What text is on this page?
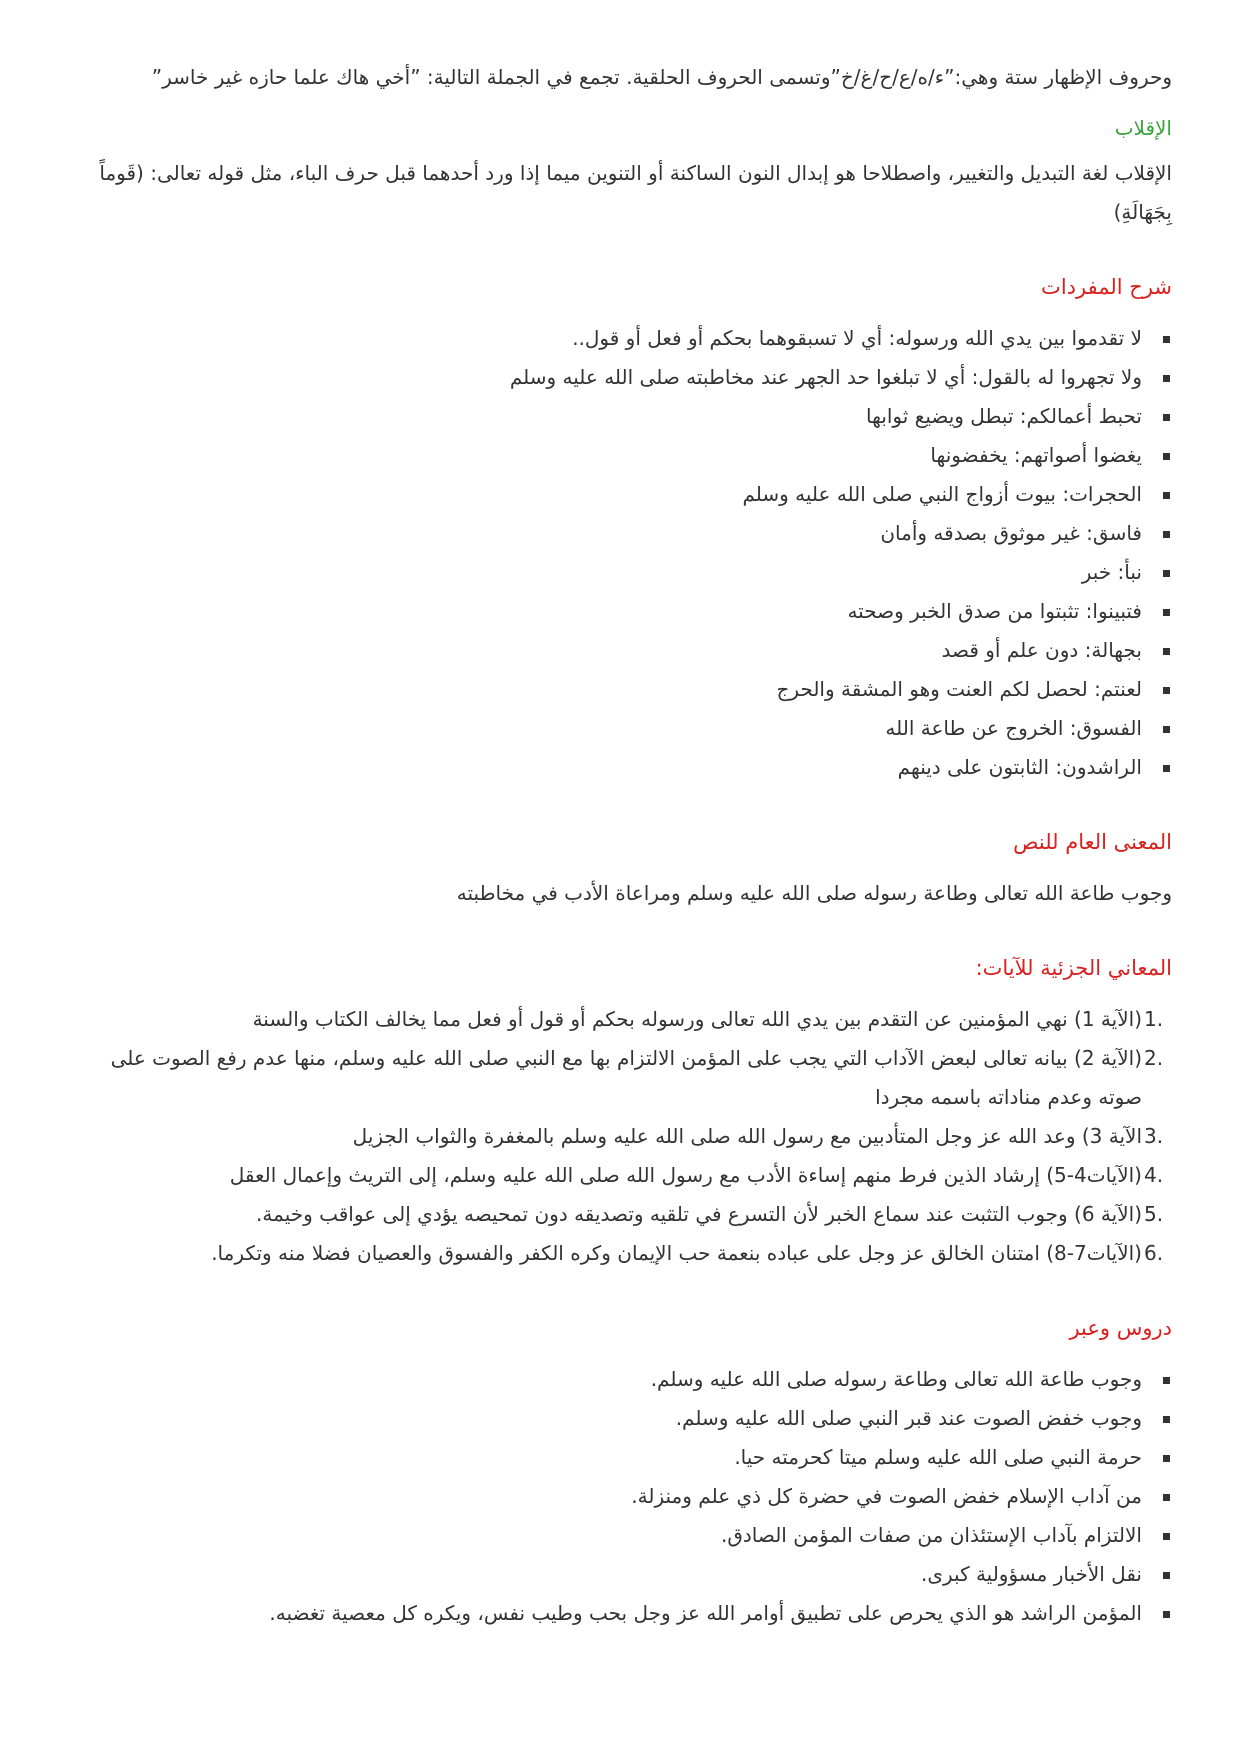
وحروف الإظهار ستة وهي:”ء/ه/ع/ح/غ/خ”وتسمى الحروف الحلقية. تجمع في الجملة التالية: ”أخي هاك علما حازه غير خاسر”

الإقلاب

الإقلاب لغة التبديل والتغيير، واصطلاحا هو إبدال النون الساكنة أو التنوين ميما إذا ورد أحدهما قبل حرف الباء، مثل قوله تعالى: (قَوماً بِجَهَالَةِ)

شرح المفردات
لا تقدموا بين يدي الله ورسوله: أي لا تسبقوهما بحكم أو فعل أو قول..
ولا تجهروا له بالقول: أي لا تبلغوا حد الجهر عند مخاطبته صلى الله عليه وسلم
تحبط أعمالكم: تبطل ويضيع ثوابها
يغضوا أصواتهم: يخفضونها
الحجرات: بيوت أزواج النبي صلى الله عليه وسلم
فاسق: غير موثوق بصدقه وأمان
نبأ: خبر
فتبينوا: تثبتوا من صدق الخبر وصحته
بجهالة: دون علم أو قصد
لعنتم: لحصل لكم العنت وهو المشقة والحرج
الفسوق: الخروج عن طاعة الله
الراشدون: الثابتون على دينهم
المعنى العام للنص

وجوب طاعة الله تعالى وطاعة رسوله صلى الله عليه وسلم ومراعاة الأدب في مخاطبته

المعاني الجزئية للآيات:
1.
(الآية 1) نهي المؤمنين عن التقدم بين يدي الله تعالى ورسوله بحكم أو قول أو فعل مما يخالف الكتاب والسنة
2.
(الآية 2) بيانه تعالى لبعض الآداب التي يجب على المؤمن الالتزام بها مع النبي صلى الله عليه وسلم، منها عدم رفع الصوت على صوته وعدم مناداته باسمه مجردا
3.
الآية 3) وعد الله عز وجل المتأدبين مع رسول الله صلى الله عليه وسلم بالمغفرة والثواب الجزيل
4.
(الآيات4-5) إرشاد الذين فرط منهم إساءة الأدب مع رسول الله صلى الله عليه وسلم، إلى التريث وإعمال العقل
5.
(الآية 6) وجوب التثبت عند سماع الخبر لأن التسرع في تلقيه وتصديقه دون تمحيصه يؤدي إلى عواقب وخيمة.
6.
(الآيات7-8) امتنان الخالق عز وجل على عباده بنعمة حب الإيمان وكره الكفر والفسوق والعصيان فضلا منه وتكرما.
دروس وعبر
وجوب طاعة الله تعالى وطاعة رسوله صلى الله عليه وسلم.
وجوب خفض الصوت عند قبر النبي صلى الله عليه وسلم.
حرمة النبي صلى الله عليه وسلم ميتا كحرمته حيا.
من آداب الإسلام خفض الصوت في حضرة كل ذي علم ومنزلة.
الالتزام بآداب الإستئذان من صفات المؤمن الصادق.
نقل الأخبار مسؤولية كبرى.
المؤمن الراشد هو الذي يحرص على تطبيق أوامر الله عز وجل بحب وطيب نفس، ويكره كل معصية تغضبه.
